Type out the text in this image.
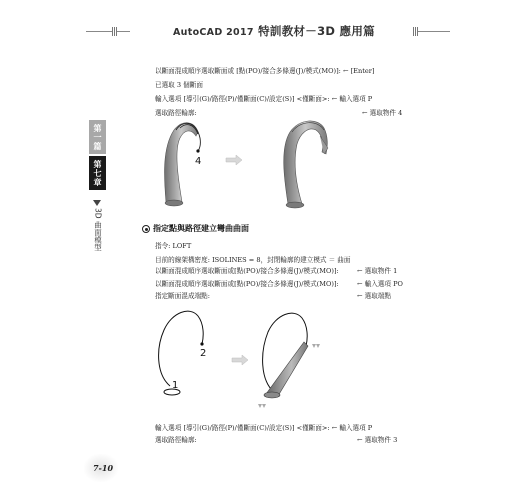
AutoCAD 2017 特訓教材－3D 應用篇
第一篇
第七章
3D 曲面模型
以斷面混成順序選取斷面或 [點(PO)/接合多條邊(J)/模式(MO)]: ← [Enter]
已選取 3 個斷面
輸入選項 [導引(G)/路徑(P)/僅斷面(C)/設定(S)] <僅斷面>: ← 輸入選項 P
選取路徑輪廓:	← 選取物件 4
4
指定點與路徑建立彎曲曲面
指令: LOFT
目前的線架構密度: ISOLINES = 8，封閉輪廓的建立模式 ＝ 曲面
以斷面混成順序選取斷面或[點(PO)/接合多條邊(J)/模式(MO)]:
以斷面混成順序選取斷面或[點(PO)/接合多條邊(J)/模式(MO)]:
指定斷面混成端點:
← 選取物件 1
← 輸入選項 PO
← 選取端點
1
2
輸入選項 [導引(G)/路徑(P)/僅斷面(C)/設定(S)] <僅斷面>: ← 輸入選項 P
選取路徑輪廓:	← 選取物件 3
7-10
